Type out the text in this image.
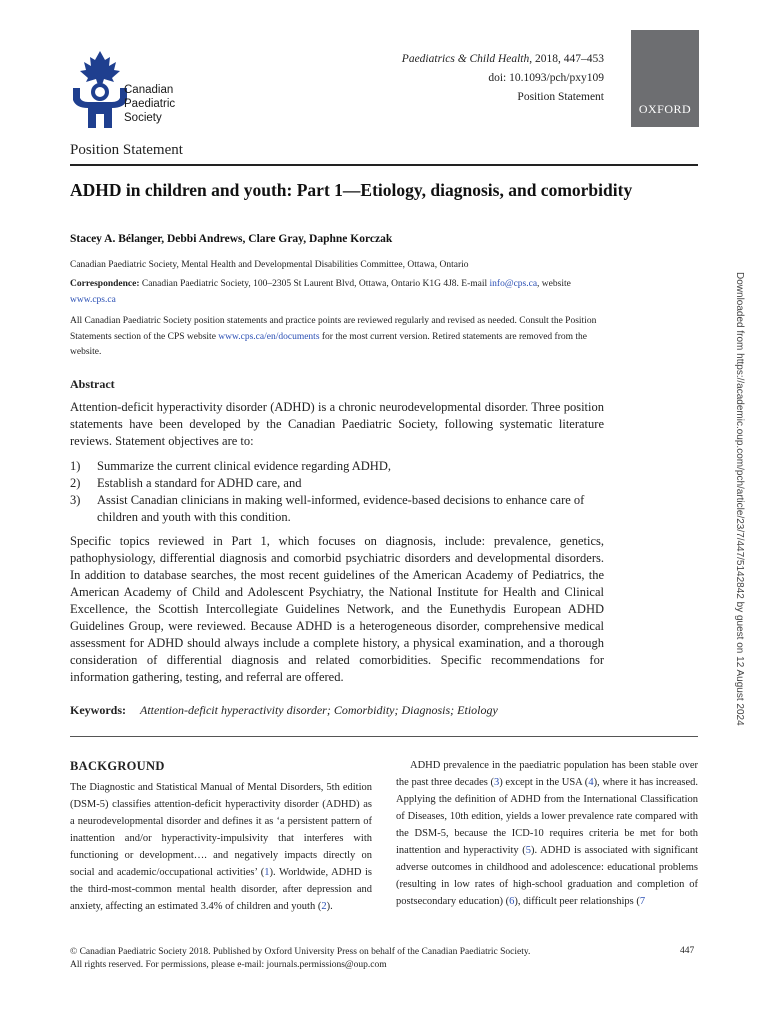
Canadian
Paediatric
Society
Paediatrics & Child Health, 2018, 447–453
doi: 10.1093/pch/pxy109
Position Statement
OXFORD
Position Statement
ADHD in children and youth: Part 1—Etiology, diagnosis, and comorbidity
Stacey A. Bélanger, Debbi Andrews, Clare Gray, Daphne Korczak
Canadian Paediatric Society, Mental Health and Developmental Disabilities Committee, Ottawa, Ontario
Correspondence: Canadian Paediatric Society, 100–2305 St Laurent Blvd, Ottawa, Ontario K1G 4J8. E-mail info@cps.ca, website
www.cps.ca
All Canadian Paediatric Society position statements and practice points are reviewed regularly and revised as needed. Consult the Position Statements section of the CPS website www.cps.ca/en/documents for the most current version. Retired statements are removed from the website.
Abstract
Attention-deficit hyperactivity disorder (ADHD) is a chronic neurodevelopmental disorder. Three position statements have been developed by the Canadian Paediatric Society, following systematic literature reviews. Statement objectives are to:
1)	Summarize the current clinical evidence regarding ADHD,
2)	Establish a standard for ADHD care, and
3)	Assist Canadian clinicians in making well-informed, evidence-based decisions to enhance care of children and youth with this condition.
Specific topics reviewed in Part 1, which focuses on diagnosis, include: prevalence, genetics, pathophysiology, differential diagnosis and comorbid psychiatric disorders and developmental disorders. In addition to database searches, the most recent guidelines of the American Academy of Pediatrics, the American Academy of Child and Adolescent Psychiatry, the National Institute for Health and Clinical Excellence, the Scottish Intercollegiate Guidelines Network, and the Eunethydis European ADHD Guidelines Group, were reviewed. Because ADHD is a heterogeneous disorder, comprehensive medical assessment for ADHD should always include a complete history, a physical examination, and a thorough consideration of differential diagnosis and related comorbidities. Specific recommendations for information gathering, testing, and referral are offered.
Keywords: Attention-deficit hyperactivity disorder; Comorbidity; Diagnosis; Etiology
BACKGROUND
The Diagnostic and Statistical Manual of Mental Disorders, 5th edition (DSM-5) classifies attention-deficit hyperactivity disorder (ADHD) as a neurodevelopmental disorder and defines it as ‘a persistent pattern of inattention and/or hyperactivity-impulsivity that interferes with functioning or development…. and negatively impacts directly on social and academic/occupational activities’ (1). Worldwide, ADHD is the third-most-common mental health disorder, after depression and anxiety, affecting an estimated 3.4% of children and youth (2).
ADHD prevalence in the paediatric population has been stable over the past three decades (3) except in the USA (4), where it has increased. Applying the definition of ADHD from the International Classification of Diseases, 10th edition, yields a lower prevalence rate compared with the DSM-5, because the ICD-10 requires criteria be met for both inattention and hyperactivity (5). ADHD is associated with significant adverse outcomes in childhood and adolescence: educational problems (resulting in low rates of high-school graduation and completion of postsecondary education) (6), difficult peer relationships (7
© Canadian Paediatric Society 2018. Published by Oxford University Press on behalf of the Canadian Paediatric Society.
All rights reserved. For permissions, please e-mail: journals.permissions@oup.com
447
Downloaded from https://academic.oup.com/pch/article/23/7/447/5142842 by guest on 12 August 2024
